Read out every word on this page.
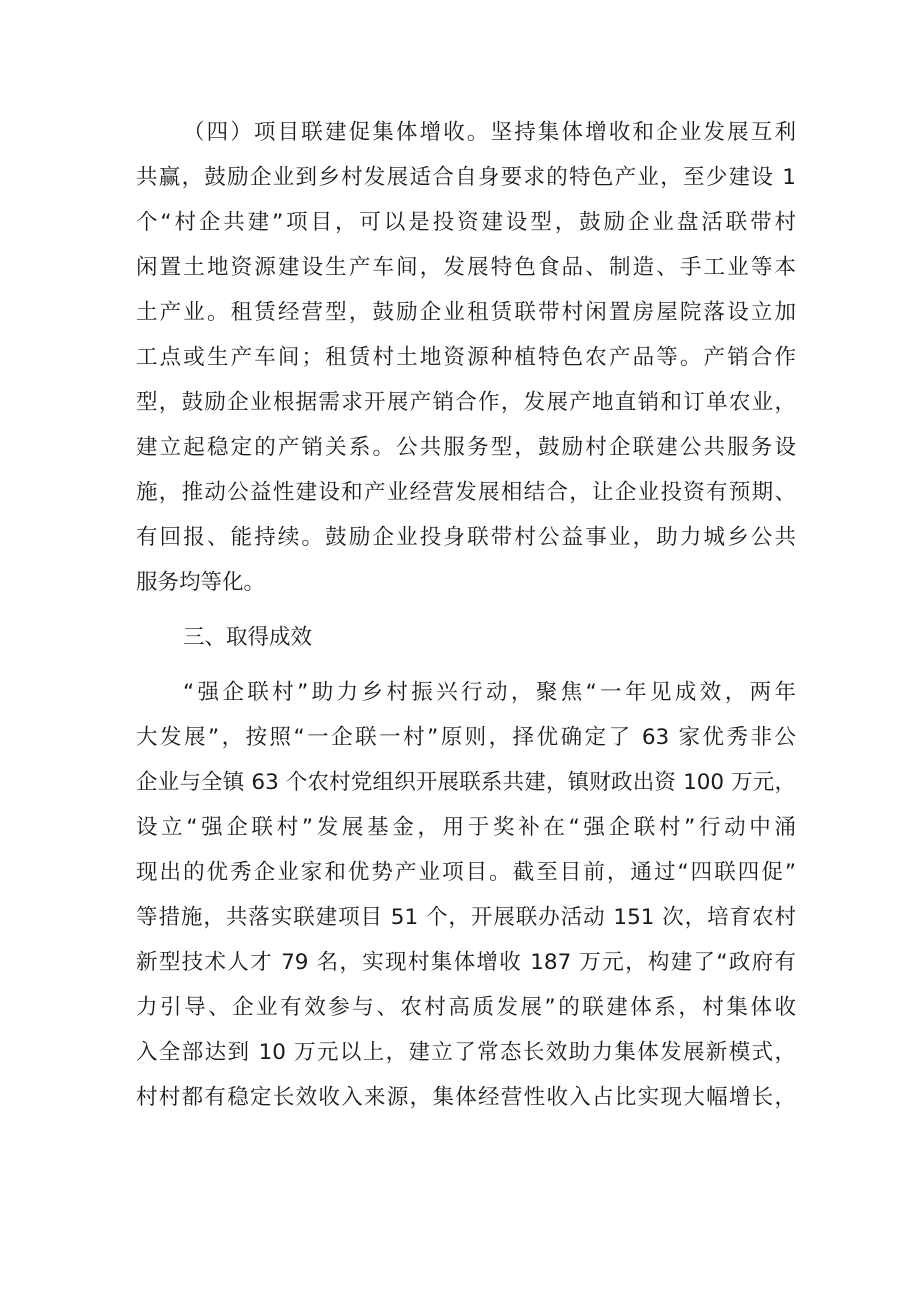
（四）项目联建促集体增收。坚持集体增收和企业发展互利
共赢，鼓励企业到乡村发展适合自身要求的特色产业，至少建设 1
个“村企共建”项目，可以是投资建设型，鼓励企业盘活联带村
闲置土地资源建设生产车间，发展特色食品、制造、手工业等本
土产业。租赁经营型，鼓励企业租赁联带村闲置房屋院落设立加
工点或生产车间；租赁村土地资源种植特色农产品等。产销合作
型，鼓励企业根据需求开展产销合作，发展产地直销和订单农业，
建立起稳定的产销关系。公共服务型，鼓励村企联建公共服务设
施，推动公益性建设和产业经营发展相结合，让企业投资有预期、
有回报、能持续。鼓励企业投身联带村公益事业，助力城乡公共
服务均等化。
三、取得成效
“强企联村”助力乡村振兴行动，聚焦“一年见成效，两年
大发展”，按照“一企联一村”原则，择优确定了 63 家优秀非公
企业与全镇 63 个农村党组织开展联系共建，镇财政出资 100 万元，
设立“强企联村”发展基金，用于奖补在“强企联村”行动中涌
现出的优秀企业家和优势产业项目。截至目前，通过“四联四促”
等措施，共落实联建项目 51 个，开展联办活动 151 次，培育农村
新型技术人才 79 名，实现村集体增收 187 万元，构建了“政府有
力引导、企业有效参与、农村高质发展”的联建体系，村集体收
入全部达到 10 万元以上，建立了常态长效助力集体发展新模式，
村村都有稳定长效收入来源，集体经营性收入占比实现大幅增长，
